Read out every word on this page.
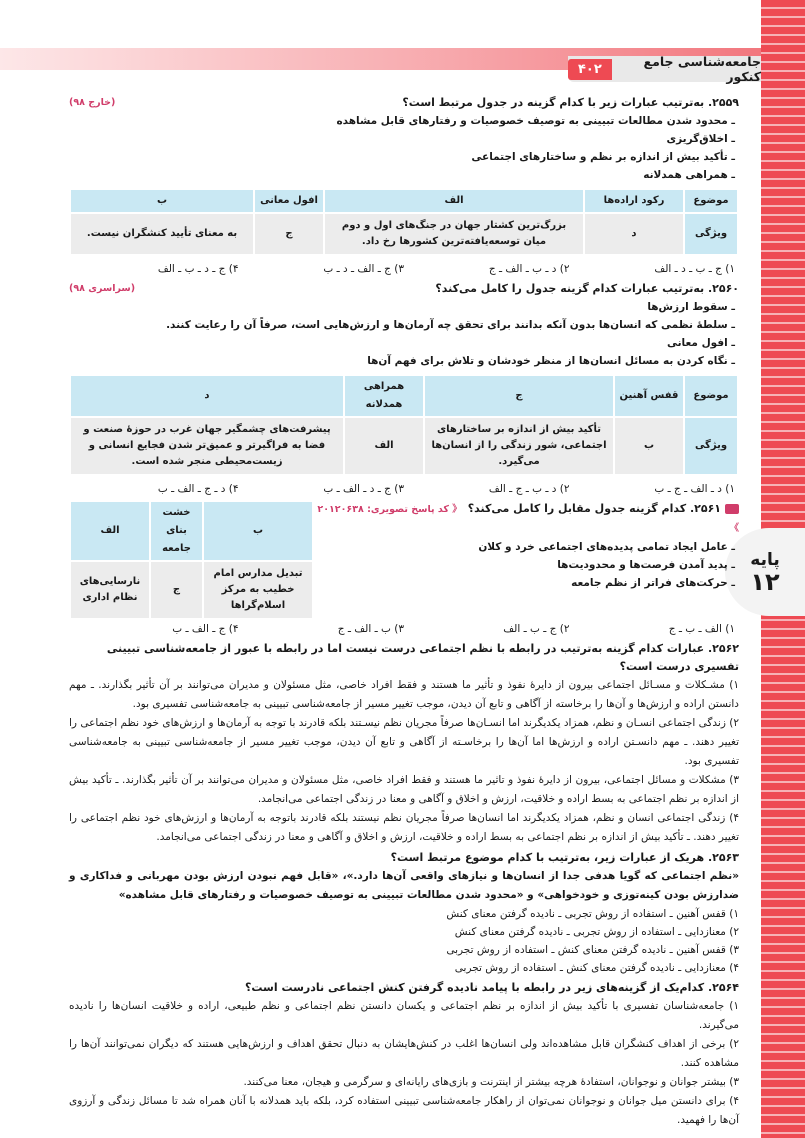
جامعه‌شناسی جامع کنکور
۴۰۲
پایه
۱۲
۲۵۵۹. به‌ترتیب عبارات زیر با کدام گزینه در جدول مرتبط است؟
(خارج ۹۸)
ـ محدود شدن مطالعات تبیینی به توصیف خصوصیات و رفتارهای قابل مشاهده
ـ اخلاق‌گریزی
ـ تأکید بیش از اندازه بر نظم و ساختارهای اجتماعی
ـ همراهی همدلانه
موضوع	رکود اراده‌ها	الف	افول معانی	ب
ویژگی	د	بزرگ‌ترین کشتار جهان در جنگ‌های اول و دوم میان توسعه‌یافته‌ترین کشورها رخ داد.	ج	به معنای تأیید کنشگران نیست.
۱) ج ـ ب ـ د ـ الف
۲) د ـ ب ـ الف ـ ج
۳) ج ـ الف ـ د ـ ب
۴) ج ـ د ـ ب ـ الف
۲۵۶۰. به‌ترتیب عبارات کدام گزینه جدول را کامل می‌کند؟
(سراسری ۹۸)
ـ سقوط ارزش‌ها
ـ سلطهٔ نظمی که انسان‌ها بدون آنکه بدانند برای تحقق چه آرمان‌ها و ارزش‌هایی است، صرفاً آن را رعایت کنند.
ـ افول معانی
ـ نگاه کردن به مسائل انسان‌ها از منظر خودشان و تلاش برای فهم آن‌ها
موضوع	قفس آهنین	ج	همراهی همدلانه	د
ویژگی	ب	تأکید بیش از اندازه بر ساختارهای اجتماعی، شور زندگی را از انسان‌ها می‌گیرد.	الف	پیشرفت‌های چشمگیر جهان غرب در حوزهٔ صنعت و فضا به فراگیرتر و عمیق‌تر شدن فجایع انسانی و زیست‌محیطی منجر شده است.
۱) د ـ الف ـ ج ـ ب
۲) د ـ ب ـ ج ـ الف
۳) ج ـ د ـ الف ـ ب
۴) د ـ ج ـ الف ـ ب
۲۵۶۱. کدام گزینه جدول مقابل را کامل می‌کند؟《 کد پاسخ تصویری: ۲۰۱۲۰۶۳۸ 》
ـ عامل ایجاد تمامی پدیده‌های اجتماعی خرد و کلان
ـ پدید آمدن فرصت‌ها و محدودیت‌ها
ـ حرکت‌های فراتر از نظم جامعه
ب	خشت بنای جامعه	الف
تبدیل مدارس امام خطیب به مرکز اسلام‌گراها	ج	نارسایی‌های نظام اداری
۱) الف ـ ب ـ ج
۲) ج ـ ب ـ الف
۳) ب ـ الف ـ ج
۴) ج ـ الف ـ ب
۲۵۶۲. عبارات کدام گزینه به‌ترتیب در رابطه با نظم اجتماعی درست نیست اما در رابطه با عبور از جامعه‌شناسی تبیینی تفسیری درست است؟
۱) مشـکلات و مسـائل اجتماعی بیرون از دایرهٔ نفوذ و تأثیر ما هستند و فقط افراد خاصی، مثل مسئولان و مدیران می‌توانند بر آن تأثیر بگذارند. ـ مهم دانستن اراده و ارزش‌ها و آن‌ها را برخاسته از آگاهی و تابع آن دیدن، موجب تغییر مسیر از جامعه‌شناسی تبیینی به جامعه‌شناسی تفسیری بود.
۲) زندگی اجتماعی انسـان و نظم، همزاد یکدیگرند اما انسـان‌ها صرفاً مجریان نظم نیسـتند بلکه قادرند با توجه به آرمان‌ها و ارزش‌های خود نظم اجتماعی را تغییر دهند. ـ مهم دانسـتن اراده و ارزش‌ها اما آن‌ها را برخاسـته از آگاهی و تابع آن دیدن، موجب تغییر مسیر از جامعه‌شناسی تبیینی به جامعه‌شناسی تفسیری بود.
۳) مشکلات و مسائل اجتماعی، بیرون از دایرهٔ نفوذ و تاثیر ما هستند و فقط افراد خاصی، مثل مسئولان و مدیران می‌توانند بر آن تأثیر بگذارند. ـ تأکید بیش از اندازه بر نظم اجتماعی به بسط اراده و خلاقیت، ارزش و اخلاق و آگاهی و معنا در زندگی اجتماعی می‌انجامد.
۴) زندگی اجتماعی انسان و نظم، همزاد یکدیگرند اما انسان‌ها صرفاً مجریان نظم نیستند بلکه قادرند باتوجه به آرمان‌ها و ارزش‌های خود نظم اجتماعی را تغییر دهند. ـ تأکید بیش از اندازه بر نظم اجتماعی به بسط اراده و خلاقیت، ارزش و اخلاق و آگاهی و معنا در زندگی اجتماعی می‌انجامد.
۲۵۶۳. هریک از عبارات زیر، به‌ترتیب با کدام موضوع مرتبط است؟
«نظم اجتماعی که گویا هدفی جدا از انسان‌ها و نیازهای واقعی آن‌ها دارد.»، «قابل فهم نبودن ارزش بودن مهربانی و فداکاری و ضدارزش بودن کینه‌توزی و خودخواهی» و «محدود شدن مطالعات تبیینی به توصیف خصوصیات و رفتارهای قابل مشاهده»
۱) قفس آهنین ـ استفاده از روش تجربی ـ نادیده گرفتن معنای کنش
۲) معنازدایی ـ استفاده از روش تجربی ـ نادیده گرفتن معنای کنش
۳) قفس آهنین ـ نادیده گرفتن معنای کنش ـ استفاده از روش تجربی
۴) معنازدایی ـ نادیده گرفتن معنای کنش ـ استفاده از روش تجربی
۲۵۶۴. کدام‌یک از گزینه‌های زیر در رابطه با پیامد نادیده گرفتن کنش اجتماعی نادرست است؟
۱) جامعه‌شناسان تفسیری با تأکید بیش از اندازه بر نظم اجتماعی و یکسان دانستن نظم اجتماعی و نظم طبیعی، اراده و خلاقیت انسان‌ها را نادیده می‌گیرند.
۲) برخی از اهداف کنشگران قابل مشاهده‌اند ولی انسان‌ها اغلب در کنش‌هایشان به دنبال تحقق اهداف و ارزش‌هایی هستند که دیگران نمی‌توانند آن‌ها را مشاهده کنند.
۳) بیشتر جوانان و نوجوانان، استفادهٔ هرچه بیشتر از اینترنت و بازی‌های رایانه‌ای و سرگرمی و هیجان، معنا می‌کنند.
۴) برای دانستن میل جوانان و نوجوانان نمی‌توان از راهکار جامعه‌شناسی تبیینی استفاده کرد، بلکه باید همدلانه با آنان همراه شد تا مسائل زندگی و آرزوی آن‌ها را فهمید.
